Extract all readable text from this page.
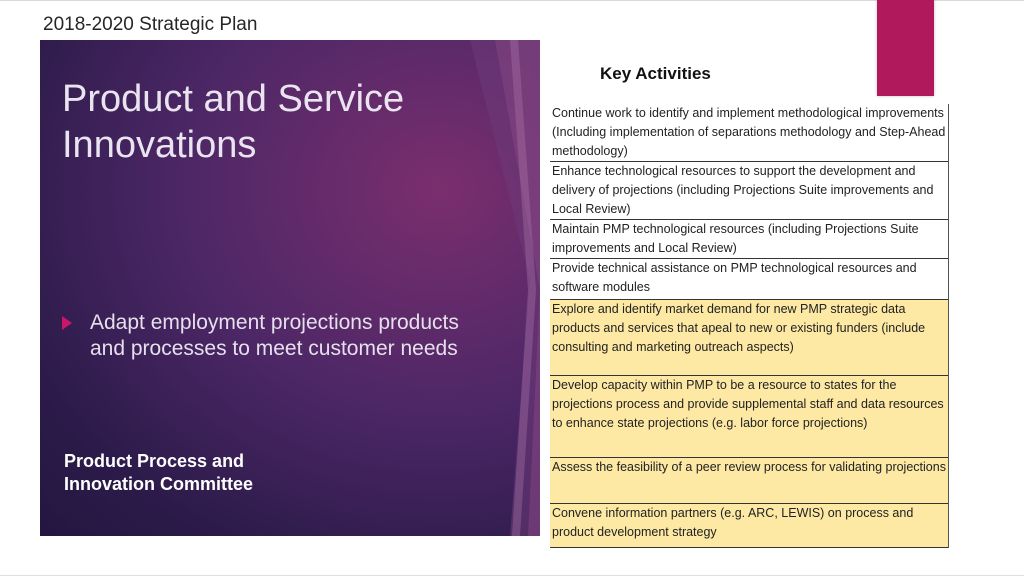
2018-2020 Strategic Plan
Product and Service
Innovations
Adapt employment projections products and processes to meet customer needs
Product Process and
Innovation Committee
Key Activities
Continue work to identify and implement methodological improvements (Including implementation of separations methodology and Step-Ahead methodology)
Enhance technological resources to support the development and delivery of projections (including Projections Suite improvements and Local Review)
Maintain PMP technological resources (including Projections Suite improvements and Local Review)
Provide technical assistance on PMP technological resources and software modules
Explore and identify market demand for new PMP strategic data products and services that apeal to new or existing funders (include consulting and marketing outreach aspects)
Develop capacity within PMP to be a resource to states for the projections process and provide supplemental staff and data resources to enhance state projections (e.g. labor force projections)
Assess the feasibility of a peer review process for validating projections
Convene information partners (e.g. ARC, LEWIS) on process and product development strategy
